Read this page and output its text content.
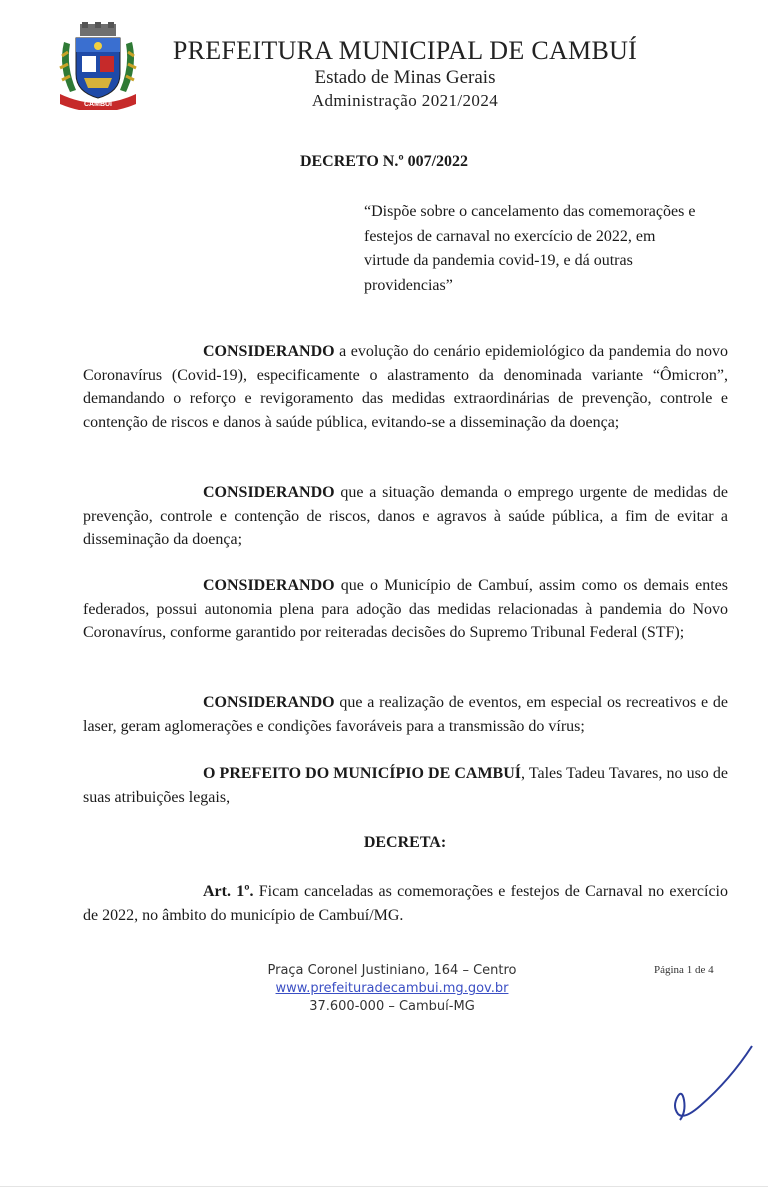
CAMBUÍ
PREFEITURA MUNICIPAL DE CAMBUÍ
Estado de Minas Gerais
Administração 2021/2024
DECRETO N.º 007/2022
“Dispõe sobre o cancelamento das comemorações e
festejos de carnaval no exercício de 2022, em
virtude da pandemia covid-19, e dá outras
providencias”

CONSIDERANDO a evolução do cenário epidemiológico da pandemia do novo Coronavírus (Covid-19), especificamente o alastramento da denominada variante “Ômicron”, demandando o reforço e revigoramento das medidas extraordinárias de prevenção, controle e contenção de riscos e danos à saúde pública, evitando-se a disseminação da doença;

CONSIDERANDO que a situação demanda o emprego urgente de medidas de prevenção, controle e contenção de riscos, danos e agravos à saúde pública, a fim de evitar a disseminação da doença;

CONSIDERANDO que o Município de Cambuí, assim como os demais entes federados, possui autonomia plena para adoção das medidas relacionadas à pandemia do Novo Coronavírus, conforme garantido por reiteradas decisões do Supremo Tribunal Federal (STF);

CONSIDERANDO que a realização de eventos, em especial os recreativos e de laser, geram aglomerações e condições favoráveis para a transmissão do vírus;

O PREFEITO DO MUNICÍPIO DE CAMBUÍ, Tales Tadeu Tavares, no uso de suas atribuições legais,

DECRETA:

Art. 1º. Ficam canceladas as comemorações e festejos de Carnaval no exercício de 2022, no âmbito do município de Cambuí/MG.

Praça Coronel Justiniano, 164 – Centro
www.prefeituradecambui.mg.gov.br
37.600-000 – Cambuí-MG
Página 1 de 4
